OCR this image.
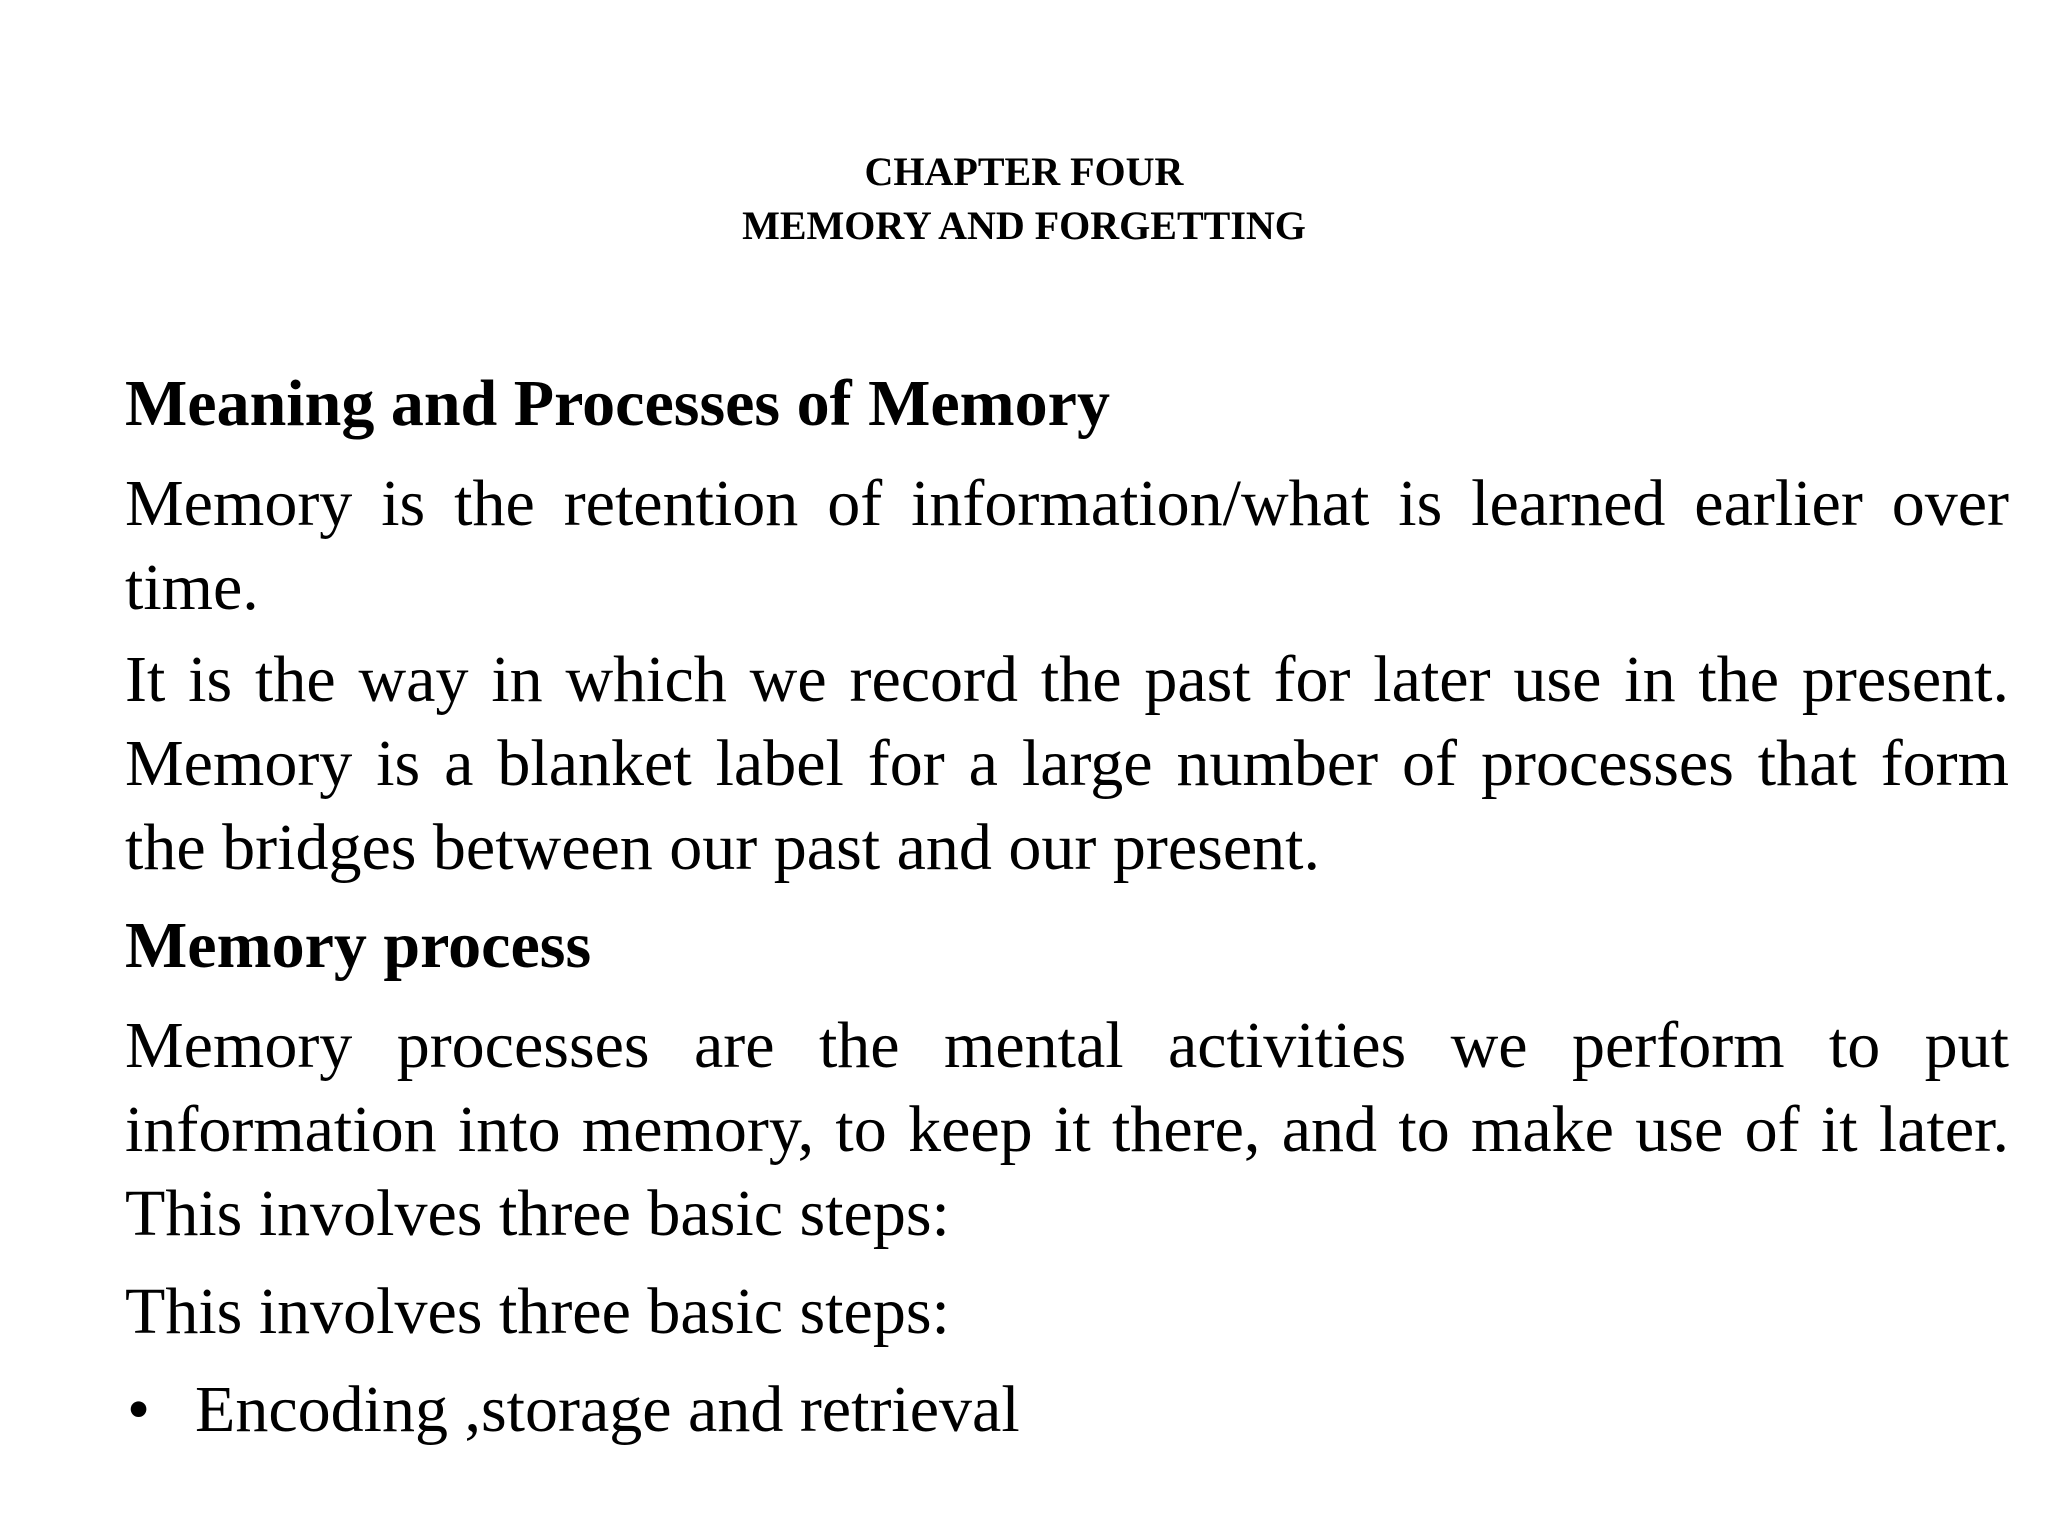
CHAPTER FOUR
MEMORY AND FORGETTING
Meaning and Processes of Memory

Memory is the retention of information/what is learned earlier over time.

It is the way in which we record the past for later use in the present. Memory is a blanket label for a large number of processes that form the bridges between our past and our present.

Memory process

Memory processes are the mental activities we perform to put information into memory, to keep it there, and to make use of it later. This involves three basic steps:

This involves three basic steps:

• Encoding ,storage and retrieval
